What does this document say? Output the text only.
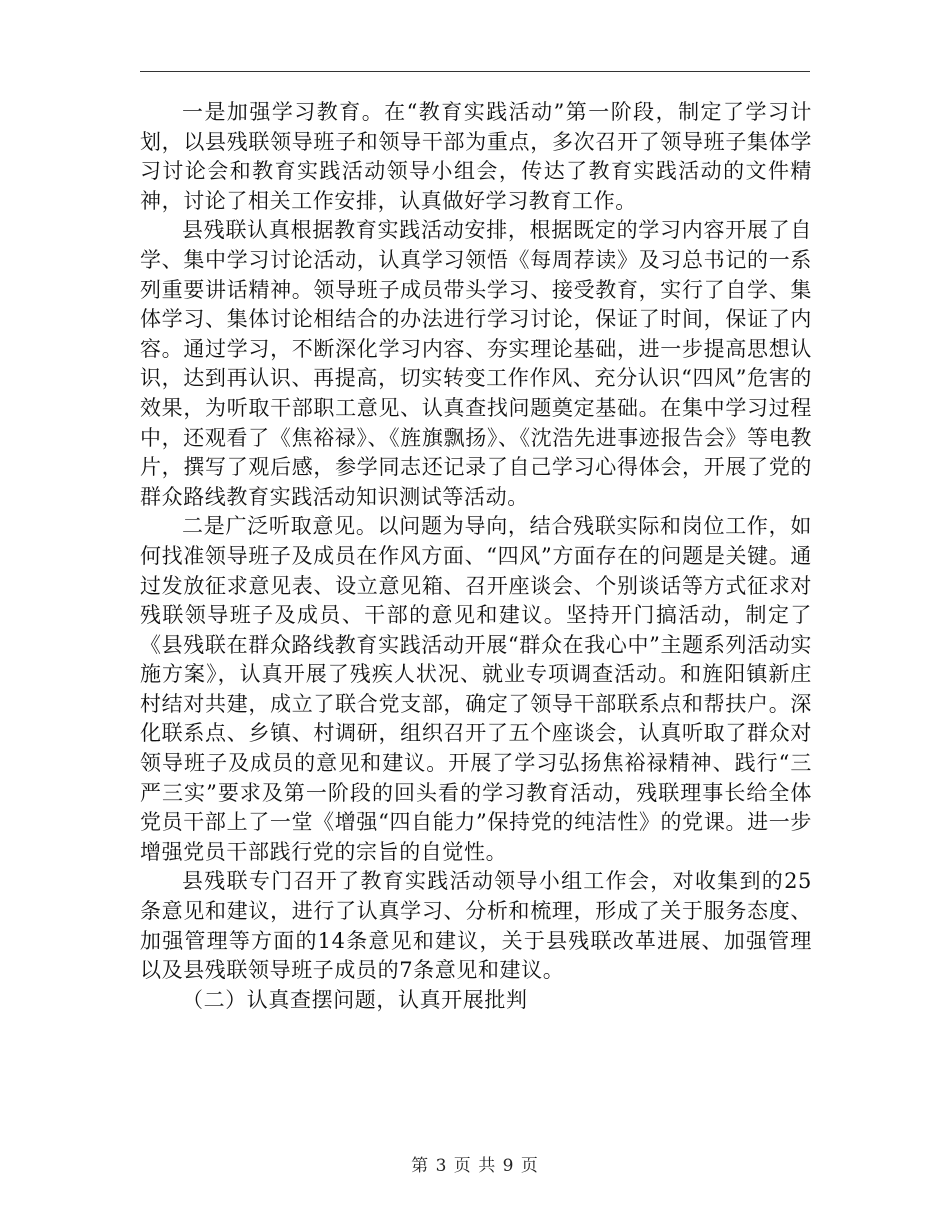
一是加强学习教育。在“教育实践活动”第一阶段，制定了学习计划，以县残联领导班子和领导干部为重点，多次召开了领导班子集体学习讨论会和教育实践活动领导小组会，传达了教育实践活动的文件精神，讨论了相关工作安排，认真做好学习教育工作。

县残联认真根据教育实践活动安排，根据既定的学习内容开展了自学、集中学习讨论活动，认真学习领悟《每周荐读》及习总书记的一系列重要讲话精神。领导班子成员带头学习、接受教育，实行了自学、集体学习、集体讨论相结合的办法进行学习讨论，保证了时间，保证了内容。通过学习，不断深化学习内容、夯实理论基础，进一步提高思想认识，达到再认识、再提高，切实转变工作作风、充分认识“四风”危害的效果，为听取干部职工意见、认真查找问题奠定基础。在集中学习过程中，还观看了《焦裕禄》、《旌旗飘扬》、《沈浩先进事迹报告会》等电教片，撰写了观后感，参学同志还记录了自己学习心得体会，开展了党的群众路线教育实践活动知识测试等活动。

二是广泛听取意见。以问题为导向，结合残联实际和岗位工作，如何找准领导班子及成员在作风方面、“四风”方面存在的问题是关键。通过发放征求意见表、设立意见箱、召开座谈会、个别谈话等方式征求对残联领导班子及成员、干部的意见和建议。坚持开门搞活动，制定了《县残联在群众路线教育实践活动开展“群众在我心中”主题系列活动实施方案》，认真开展了残疾人状况、就业专项调查活动。和旌阳镇新庄村结对共建，成立了联合党支部，确定了领导干部联系点和帮扶户。深化联系点、乡镇、村调研，组织召开了五个座谈会，认真听取了群众对领导班子及成员的意见和建议。开展了学习弘扬焦裕禄精神、践行“三严三实”要求及第一阶段的回头看的学习教育活动，残联理事长给全体党员干部上了一堂《增强“四自能力”保持党的纯洁性》的党课。进一步增强党员干部践行党的宗旨的自觉性。

县残联专门召开了教育实践活动领导小组工作会，对收集到的25条意见和建议，进行了认真学习、分析和梳理，形成了关于服务态度、加强管理等方面的14条意见和建议，关于县残联改革进展、加强管理以及县残联领导班子成员的7条意见和建议。

（二）认真查摆问题，认真开展批判

第 3 页 共 9 页
